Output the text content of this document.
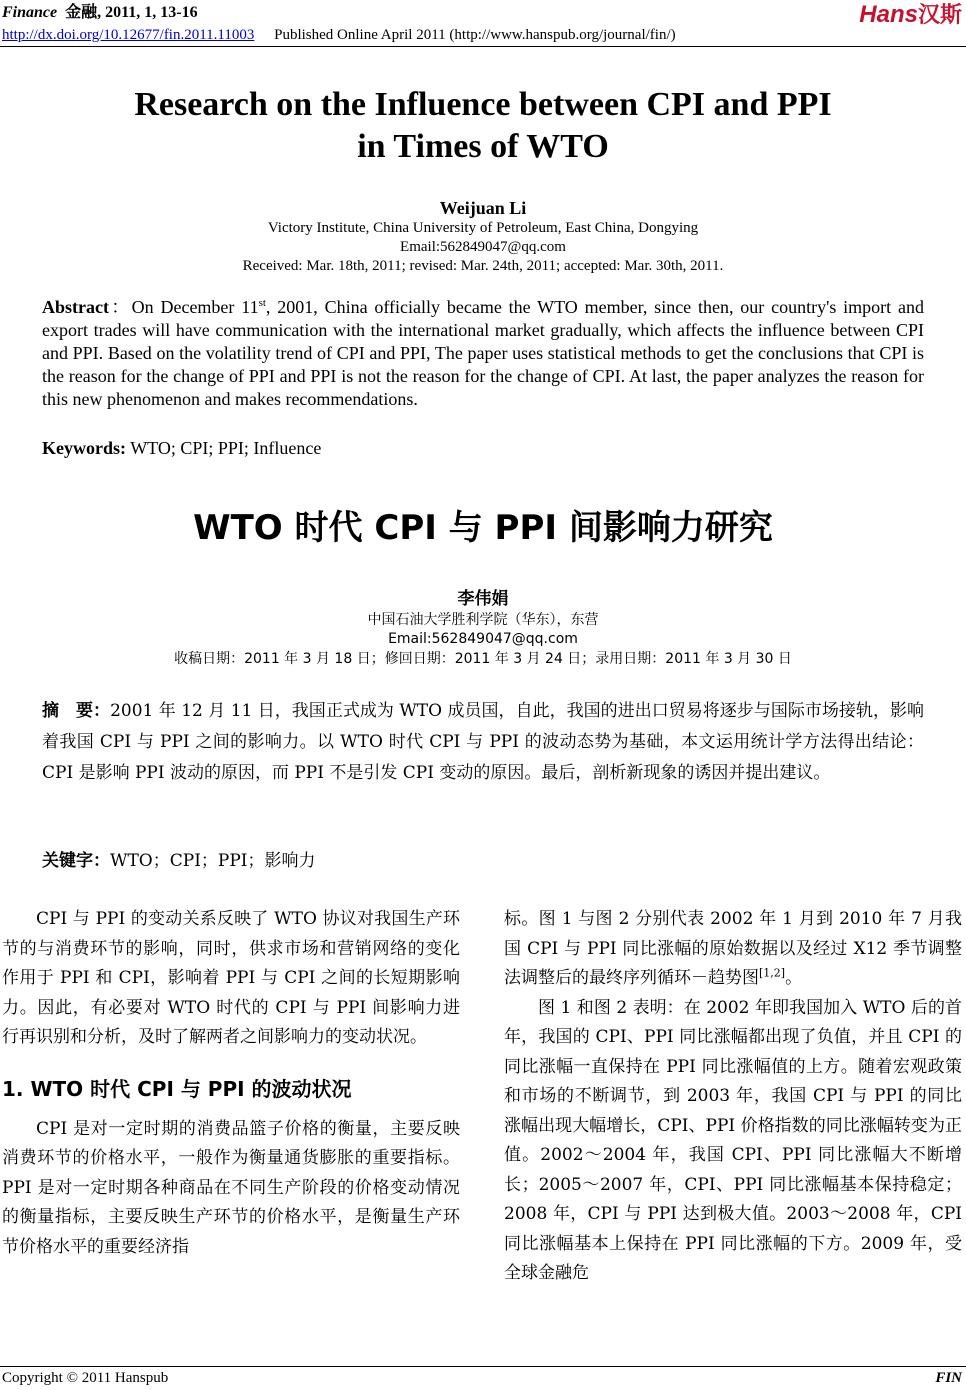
Finance 金融, 2011, 1, 13-16
http://dx.doi.org/10.12677/fin.2011.11003 Published Online April 2011 (http://www.hanspub.org/journal/fin/)
Hans汉斯
Research on the Influence between CPI and PPI
in Times of WTO
Weijuan Li
Victory Institute, China University of Petroleum, East China, Dongying
Email:562849047@qq.com
Received: Mar. 18th, 2011; revised: Mar. 24th, 2011; accepted: Mar. 30th, 2011.
Abstract：On December 11st, 2001, China officially became the WTO member, since then, our country's import and export trades will have communication with the international market gradually, which affects the influence between CPI and PPI. Based on the volatility trend of CPI and PPI, The paper uses statistical methods to get the conclusions that CPI is the reason for the change of PPI and PPI is not the reason for the change of CPI. At last, the paper analyzes the reason for this new phenomenon and makes recommendations.
Keywords: WTO; CPI; PPI; Influence
WTO 时代 CPI 与 PPI 间影响力研究
李伟娟
中国石油大学胜利学院（华东），东营
Email:562849047@qq.com
收稿日期：2011 年 3 月 18 日；修回日期：2011 年 3 月 24 日；录用日期：2011 年 3 月 30 日
摘　要：2001 年 12 月 11 日，我国正式成为 WTO 成员国，自此，我国的进出口贸易将逐步与国际市场接轨，影响着我国 CPI 与 PPI 之间的影响力。以 WTO 时代 CPI 与 PPI 的波动态势为基础，本文运用统计学方法得出结论：CPI 是影响 PPI 波动的原因，而 PPI 不是引发 CPI 变动的原因。最后，剖析新现象的诱因并提出建议。
关键字：WTO；CPI；PPI；影响力

CPI 与 PPI 的变动关系反映了 WTO 协议对我国生产环节的与消费环节的影响，同时，供求市场和营销网络的变化作用于 PPI 和 CPI，影响着 PPI 与 CPI 之间的长短期影响力。因此，有必要对 WTO 时代的 CPI 与 PPI 间影响力进行再识别和分析，及时了解两者之间影响力的变动状况。

1. WTO 时代 CPI 与 PPI 的波动状况

CPI 是对一定时期的消费品篮子价格的衡量，主要反映消费环节的价格水平，一般作为衡量通货膨胀的重要指标。PPI 是对一定时期各种商品在不同生产阶段的价格变动情况的衡量指标，主要反映生产环节的价格水平，是衡量生产环节价格水平的重要经济指

标。图 1 与图 2 分别代表 2002 年 1 月到 2010 年 7 月我国 CPI 与 PPI 同比涨幅的原始数据以及经过 X12 季节调整法调整后的最终序列循环－趋势图[1,2]。

图 1 和图 2 表明：在 2002 年即我国加入 WTO 后的首年，我国的 CPI、PPI 同比涨幅都出现了负值，并且 CPI 的同比涨幅一直保持在 PPI 同比涨幅值的上方。随着宏观政策和市场的不断调节，到 2003 年，我国 CPI 与 PPI 的同比涨幅出现大幅增长，CPI、PPI 价格指数的同比涨幅转变为正值。2002～2004 年，我国 CPI、PPI 同比涨幅大不断增长；2005～2007 年，CPI、PPI 同比涨幅基本保持稳定；2008 年，CPI 与 PPI 达到极大值。2003～2008 年，CPI 同比涨幅基本上保持在 PPI 同比涨幅的下方。2009 年，受全球金融危

Copyright © 2011 Hanspub	FIN
